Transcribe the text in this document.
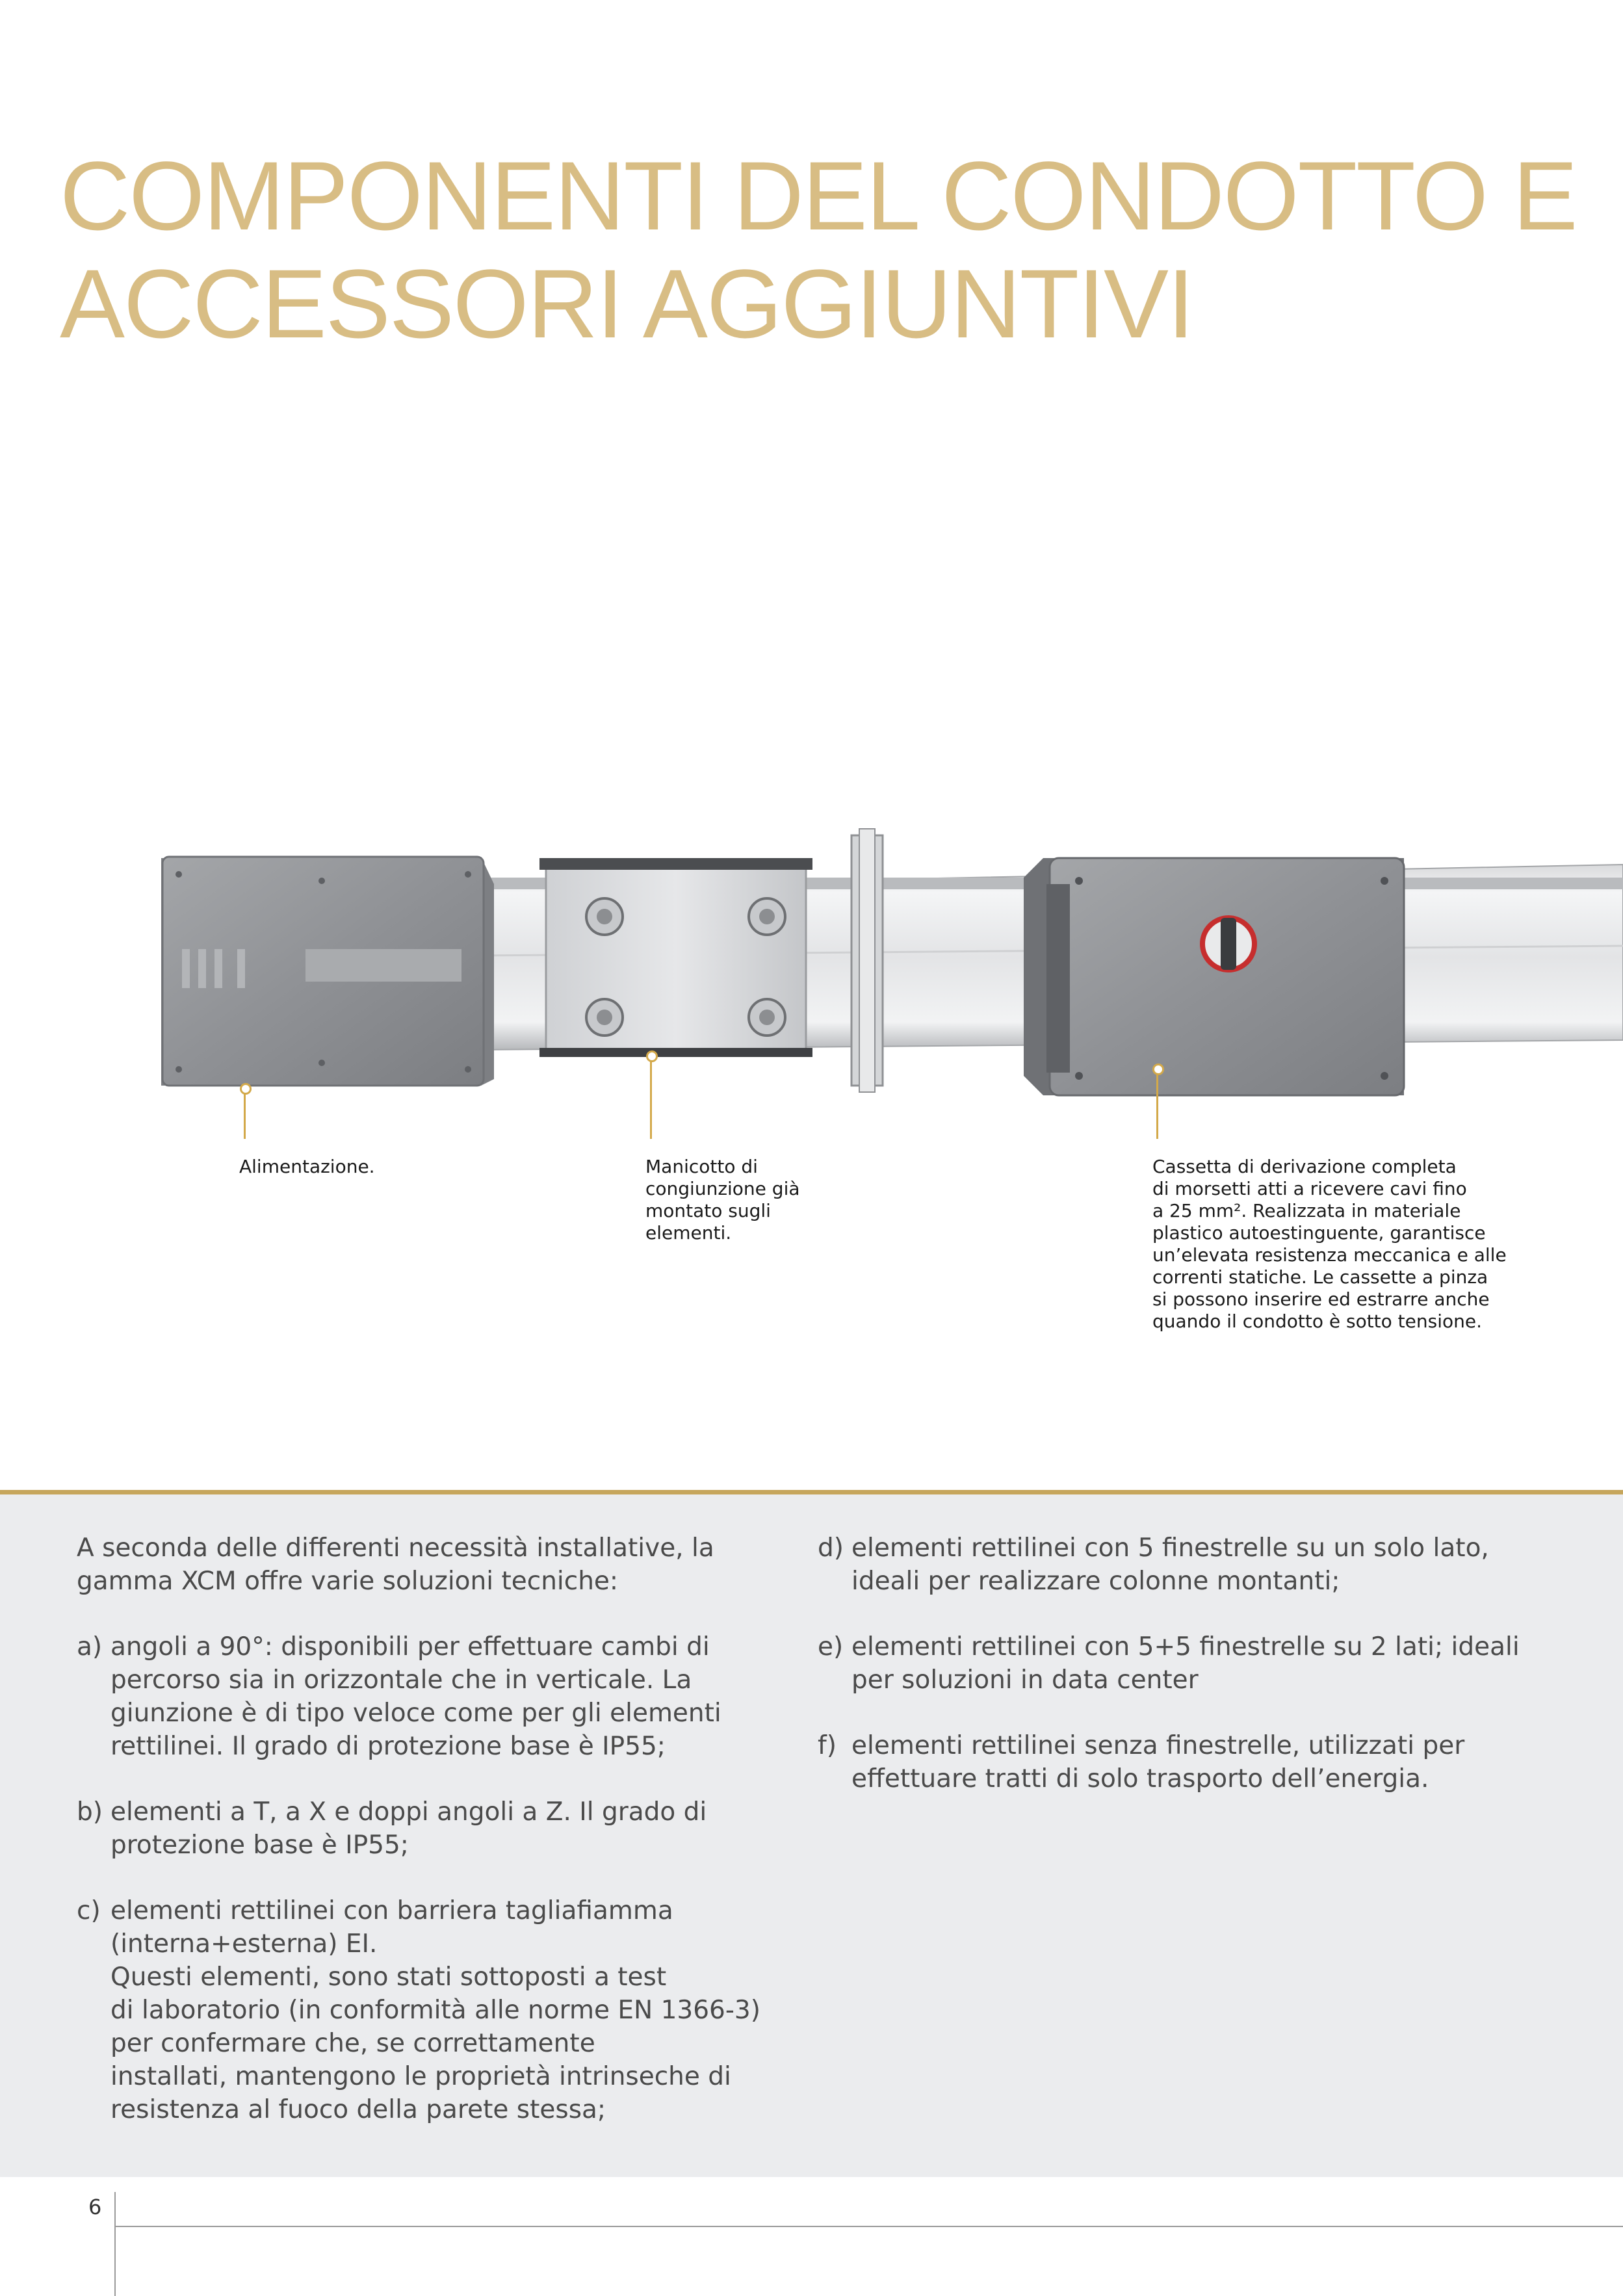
COMPONENTI DEL CONDOTTO E
ACCESSORI AGGIUNTIVI
Alimentazione.	Manicotto di
congiunzione già
montato sugli
elementi.
Cassetta di derivazione completa
di morsetti atti a ricevere cavi fino
a 25 mm². Realizzata in materiale
plastico autoestinguente, garantisce
un’elevata resistenza meccanica e alle
correnti statiche. Le cassette a pinza
si possono inserire ed estrarre anche
quando il condotto è sotto tensione.

A seconda delle differenti necessità installative, la
gamma XCM offre varie soluzioni tecniche:

a) angoli a 90°: disponibili per effettuare cambi di
percorso sia in orizzontale che in verticale. La
giunzione è di tipo veloce come per gli elementi
rettilinei. Il grado di protezione base è IP55;
b) elementi a T, a X e doppi angoli a Z. Il grado di
protezione base è IP55;
c) elementi rettilinei con barriera tagliafiamma
(interna+esterna) EI.
Questi elementi, sono stati sottoposti a test
di laboratorio (in conformità alle norme EN 1366-3)
per confermare che, se correttamente
installati, mantengono le proprietà intrinseche di
resistenza al fuoco della parete stessa;
d) elementi rettilinei con 5 finestrelle su un solo lato,
ideali per realizzare colonne montanti;
e) elementi rettilinei con 5+5 finestrelle su 2 lati; ideali
per soluzioni in data center
f) elementi rettilinei senza finestrelle, utilizzati per
effettuare tratti di solo trasporto dell’energia.
6
